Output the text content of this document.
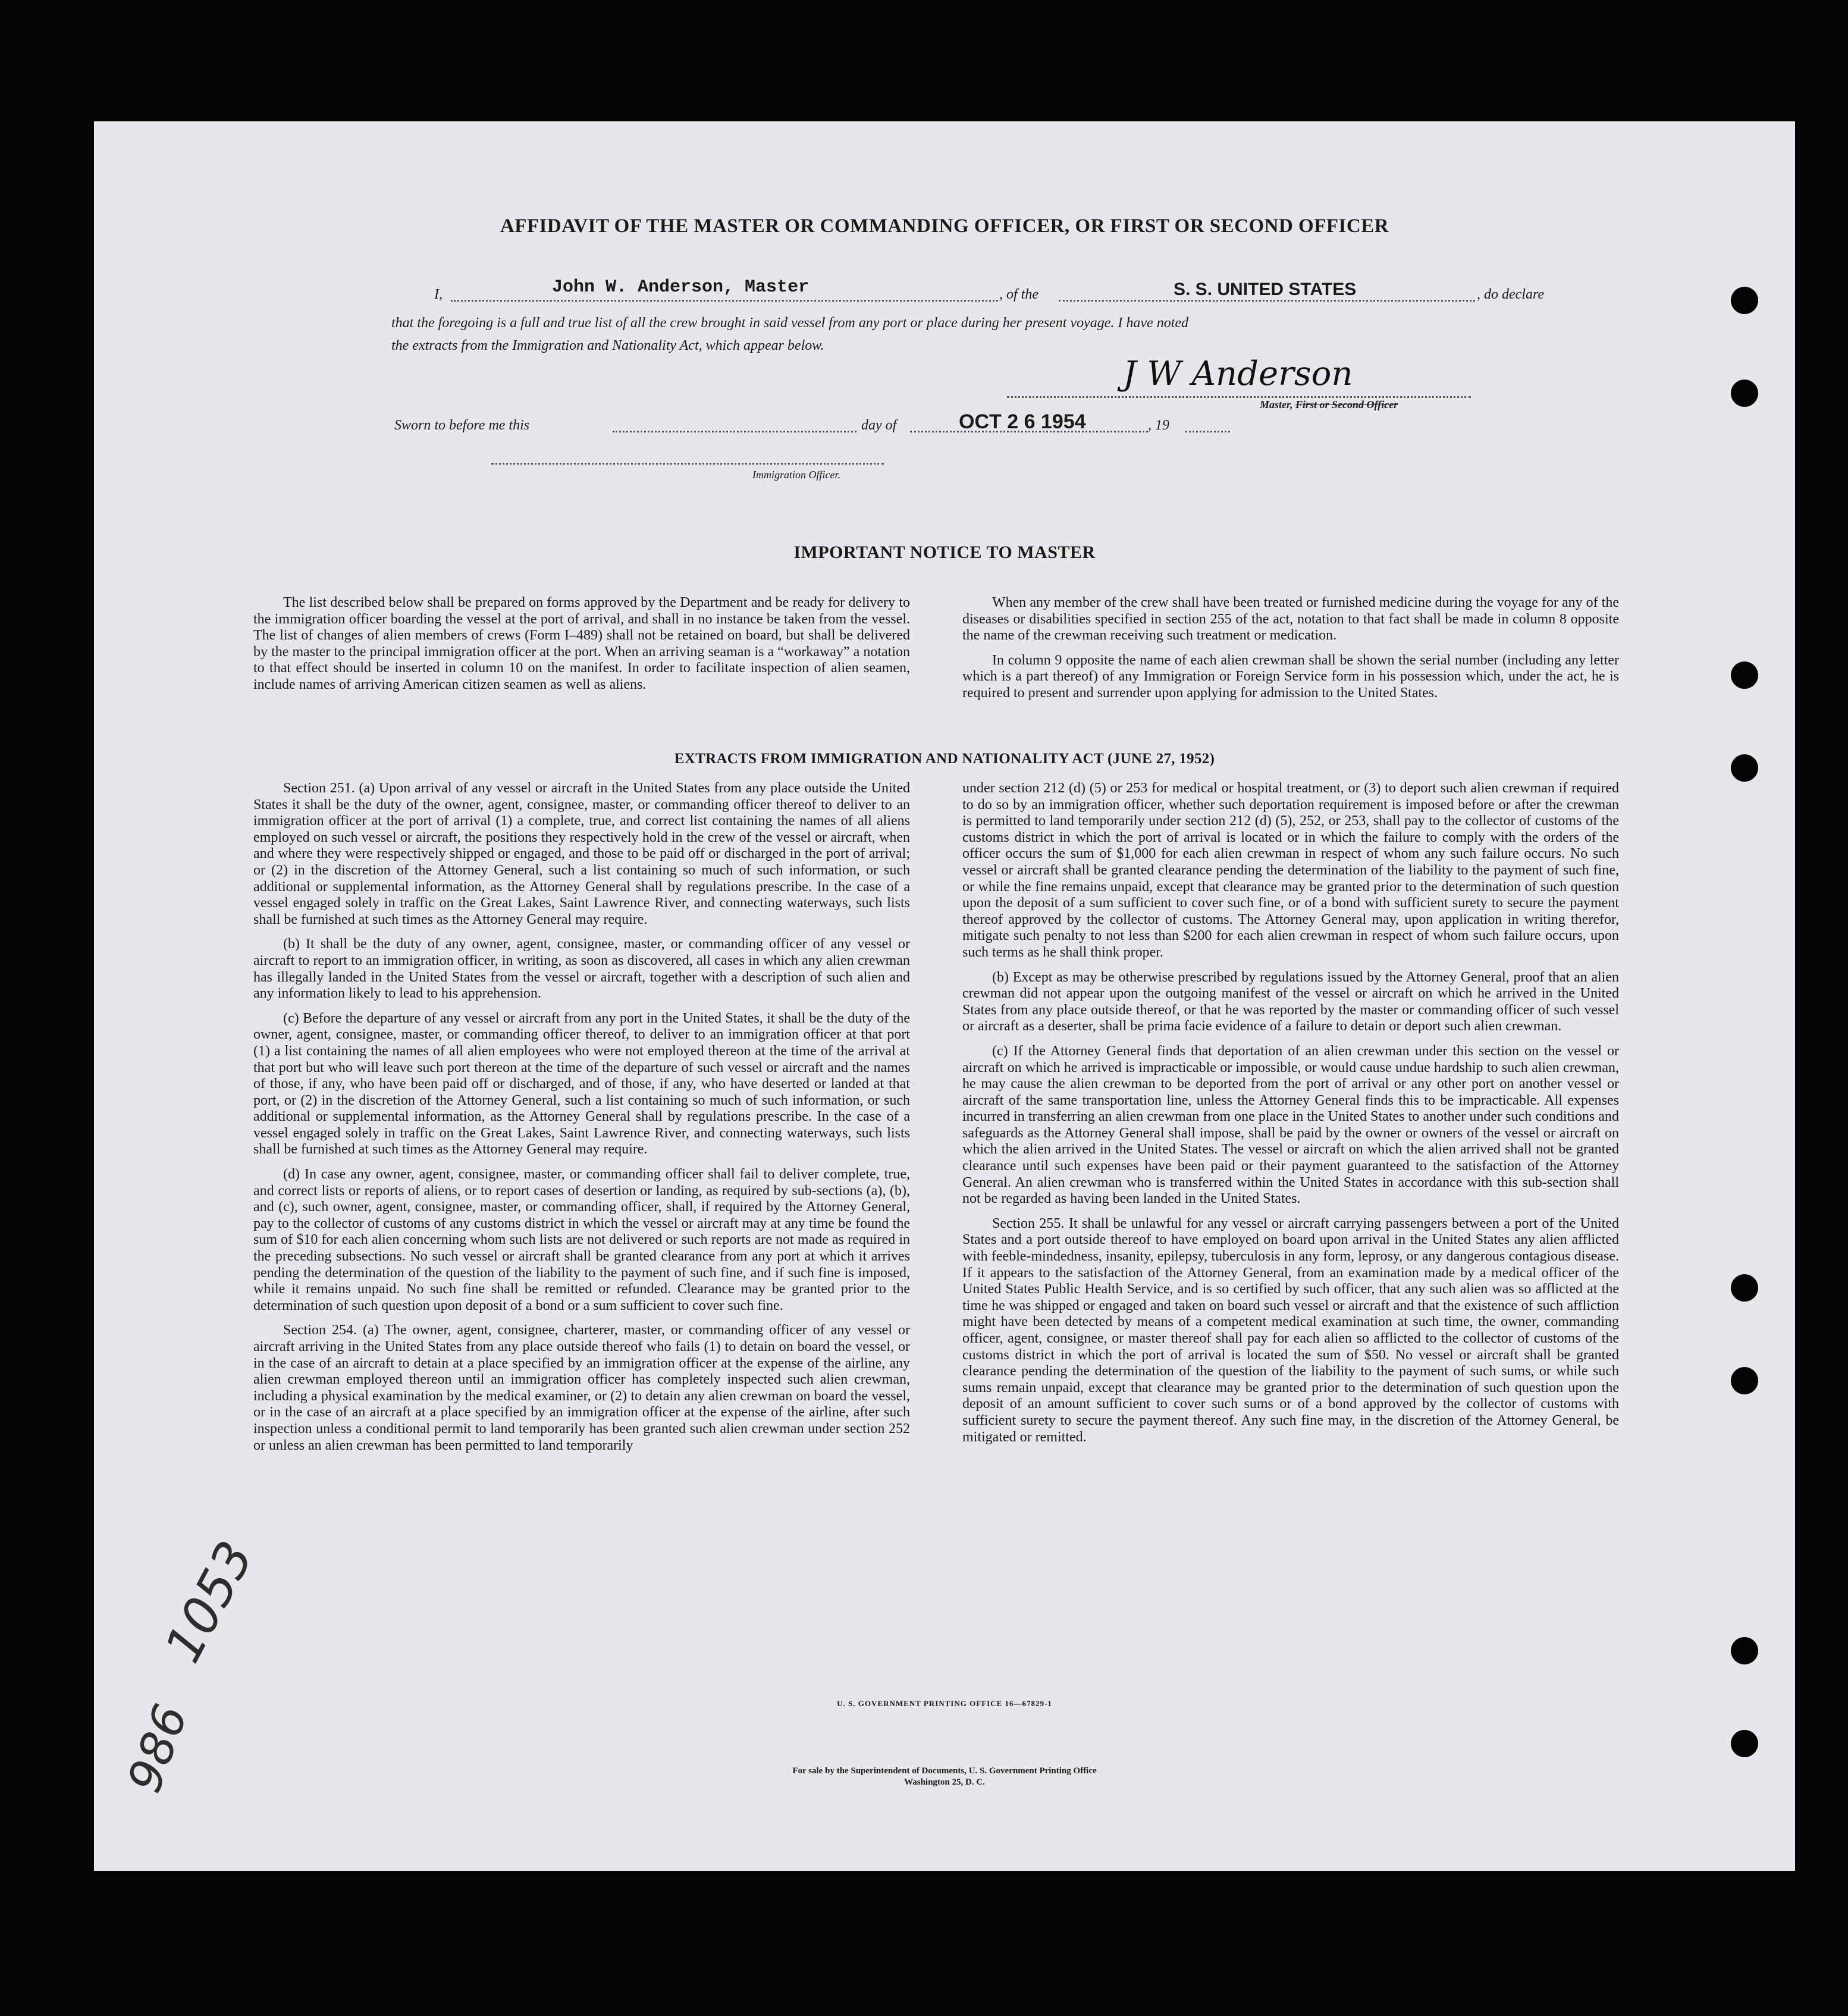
AFFIDAVIT OF THE MASTER OR COMMANDING OFFICER, OR FIRST OR SECOND OFFICER
I,	John W. Anderson, Master	, of the	S. S. UNITED STATES	, do declare
that the foregoing is a full and true list of all the crew brought in said vessel from any port or place during her present voyage. I have noted
the extracts from the Immigration and Nationality Act, which appear below.
J W Anderson
Master, First or Second Officer
Sworn to before me this	day of	OCT 2 6 1954	, 19
Immigration Officer.
IMPORTANT NOTICE TO MASTER

The list described below shall be prepared on forms approved by the Department and be ready for delivery to the immigration officer boarding the vessel at the port of arrival, and shall in no instance be taken from the vessel. The list of changes of alien members of crews (Form I–489) shall not be retained on board, but shall be delivered by the master to the principal immigration officer at the port. When an arriving seaman is a “workaway” a notation to that effect should be inserted in column 10 on the manifest. In order to facilitate inspection of alien seamen, include names of arriving American citizen seamen as well as aliens.

When any member of the crew shall have been treated or furnished medicine during the voyage for any of the diseases or disabilities specified in section 255 of the act, notation to that fact shall be made in column 8 opposite the name of the crewman receiving such treatment or medication.

In column 9 opposite the name of each alien crewman shall be shown the serial number (including any letter which is a part thereof) of any Immigration or Foreign Service form in his possession which, under the act, he is required to present and surrender upon applying for admission to the United States.

EXTRACTS FROM IMMIGRATION AND NATIONALITY ACT (JUNE 27, 1952)

Section 251. (a) Upon arrival of any vessel or aircraft in the United States from any place outside the United States it shall be the duty of the owner, agent, consignee, master, or commanding officer thereof to deliver to an immigration officer at the port of arrival (1) a complete, true, and correct list containing the names of all aliens employed on such vessel or aircraft, the positions they respectively hold in the crew of the vessel or aircraft, when and where they were respectively shipped or engaged, and those to be paid off or discharged in the port of arrival; or (2) in the discretion of the Attorney General, such a list containing so much of such information, or such additional or supplemental information, as the Attorney General shall by regulations prescribe. In the case of a vessel engaged solely in traffic on the Great Lakes, Saint Lawrence River, and connecting waterways, such lists shall be furnished at such times as the Attorney General may require.

(b) It shall be the duty of any owner, agent, consignee, master, or commanding officer of any vessel or aircraft to report to an immigration officer, in writing, as soon as discovered, all cases in which any alien crewman has illegally landed in the United States from the vessel or aircraft, together with a description of such alien and any information likely to lead to his apprehension.

(c) Before the departure of any vessel or aircraft from any port in the United States, it shall be the duty of the owner, agent, consignee, master, or commanding officer thereof, to deliver to an immigration officer at that port (1) a list containing the names of all alien employees who were not employed thereon at the time of the arrival at that port but who will leave such port thereon at the time of the departure of such vessel or aircraft and the names of those, if any, who have been paid off or discharged, and of those, if any, who have deserted or landed at that port, or (2) in the discretion of the Attorney General, such a list containing so much of such information, or such additional or supplemental information, as the Attorney General shall by regulations prescribe. In the case of a vessel engaged solely in traffic on the Great Lakes, Saint Lawrence River, and connecting waterways, such lists shall be furnished at such times as the Attorney General may require.

(d) In case any owner, agent, consignee, master, or commanding officer shall fail to deliver complete, true, and correct lists or reports of aliens, or to report cases of desertion or landing, as required by sub-sections (a), (b), and (c), such owner, agent, consignee, master, or commanding officer, shall, if required by the Attorney General, pay to the collector of customs of any customs district in which the vessel or aircraft may at any time be found the sum of $10 for each alien concerning whom such lists are not delivered or such reports are not made as required in the preceding subsections. No such vessel or aircraft shall be granted clearance from any port at which it arrives pending the determination of the question of the liability to the payment of such fine, and if such fine is imposed, while it remains unpaid. No such fine shall be remitted or refunded. Clearance may be granted prior to the determination of such question upon deposit of a bond or a sum sufficient to cover such fine.

Section 254. (a) The owner, agent, consignee, charterer, master, or commanding officer of any vessel or aircraft arriving in the United States from any place outside thereof who fails (1) to detain on board the vessel, or in the case of an aircraft to detain at a place specified by an immigration officer at the expense of the airline, any alien crewman employed thereon until an immigration officer has completely inspected such alien crewman, including a physical examination by the medical examiner, or (2) to detain any alien crewman on board the vessel, or in the case of an aircraft at a place specified by an immigration officer at the expense of the airline, after such inspection unless a conditional permit to land temporarily has been granted such alien crewman under section 252 or unless an alien crewman has been permitted to land temporarily

under section 212 (d) (5) or 253 for medical or hospital treatment, or (3) to deport such alien crewman if required to do so by an immigration officer, whether such deportation requirement is imposed before or after the crewman is permitted to land temporarily under section 212 (d) (5), 252, or 253, shall pay to the collector of customs of the customs district in which the port of arrival is located or in which the failure to comply with the orders of the officer occurs the sum of $1,000 for each alien crewman in respect of whom any such failure occurs. No such vessel or aircraft shall be granted clearance pending the determination of the liability to the payment of such fine, or while the fine remains unpaid, except that clearance may be granted prior to the determination of such question upon the deposit of a sum sufficient to cover such fine, or of a bond with sufficient surety to secure the payment thereof approved by the collector of customs. The Attorney General may, upon application in writing therefor, mitigate such penalty to not less than $200 for each alien crewman in respect of whom such failure occurs, upon such terms as he shall think proper.

(b) Except as may be otherwise prescribed by regulations issued by the Attorney General, proof that an alien crewman did not appear upon the outgoing manifest of the vessel or aircraft on which he arrived in the United States from any place outside thereof, or that he was reported by the master or commanding officer of such vessel or aircraft as a deserter, shall be prima facie evidence of a failure to detain or deport such alien crewman.

(c) If the Attorney General finds that deportation of an alien crewman under this section on the vessel or aircraft on which he arrived is impracticable or impossible, or would cause undue hardship to such alien crewman, he may cause the alien crewman to be deported from the port of arrival or any other port on another vessel or aircraft of the same transportation line, unless the Attorney General finds this to be impracticable. All expenses incurred in transferring an alien crewman from one place in the United States to another under such conditions and safeguards as the Attorney General shall impose, shall be paid by the owner or owners of the vessel or aircraft on which the alien arrived in the United States. The vessel or aircraft on which the alien arrived shall not be granted clearance until such expenses have been paid or their payment guaranteed to the satisfaction of the Attorney General. An alien crewman who is transferred within the United States in accordance with this sub-section shall not be regarded as having been landed in the United States.

Section 255. It shall be unlawful for any vessel or aircraft carrying passengers between a port of the United States and a port outside thereof to have employed on board upon arrival in the United States any alien afflicted with feeble-mindedness, insanity, epilepsy, tuberculosis in any form, leprosy, or any dangerous contagious disease. If it appears to the satisfaction of the Attorney General, from an examination made by a medical officer of the United States Public Health Service, and is so certified by such officer, that any such alien was so afflicted at the time he was shipped or engaged and taken on board such vessel or aircraft and that the existence of such affliction might have been detected by means of a competent medical examination at such time, the owner, commanding officer, agent, consignee, or master thereof shall pay for each alien so afflicted to the collector of customs of the customs district in which the port of arrival is located the sum of $50. No vessel or aircraft shall be granted clearance pending the determination of the question of the liability to the payment of such sums, or while such sums remain unpaid, except that clearance may be granted prior to the determination of such question upon the deposit of an amount sufficient to cover such sums or of a bond approved by the collector of customs with sufficient surety to secure the payment thereof. Any such fine may, in the discretion of the Attorney General, be mitigated or remitted.

U. S. GOVERNMENT PRINTING OFFICE 16—67829-1
For sale by the Superintendent of Documents, U. S. Government Printing Office
Washington 25, D. C.
1053
986
